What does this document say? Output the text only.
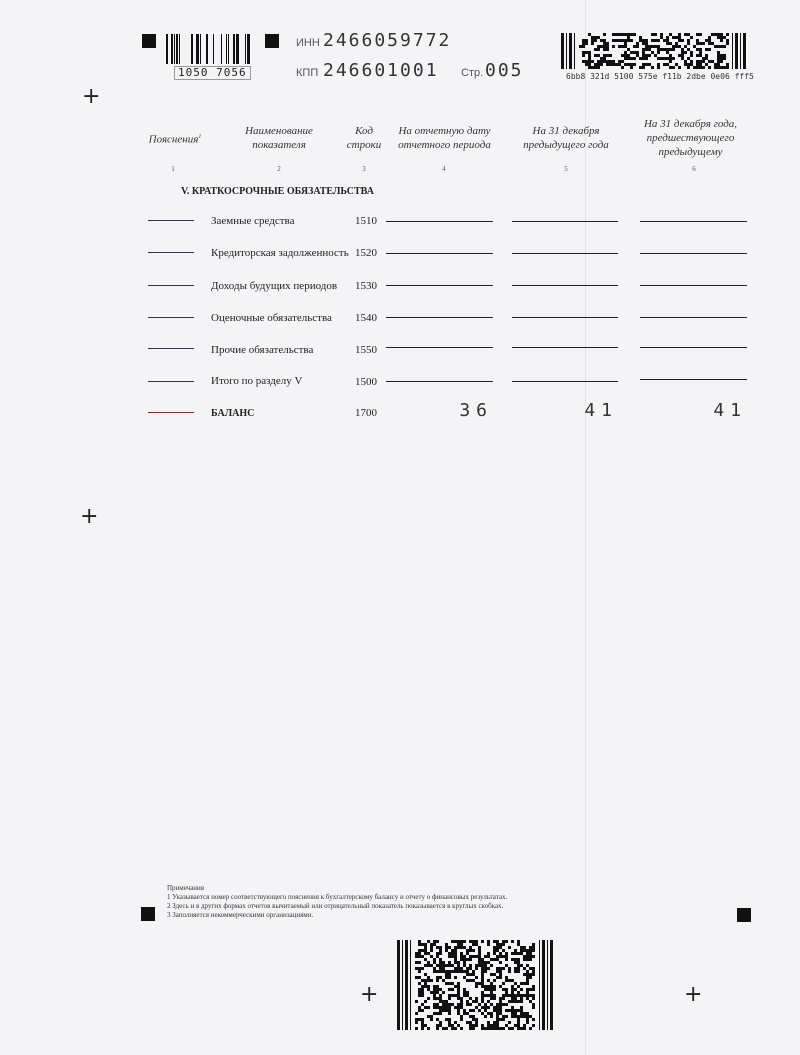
1050 7056
ИНН 2466059772
КПП 246601001 Стр. 005	6bb8 321d 5100 575e f11b 2dbe 0e06 fff5
+
+
+	+
Пояснения$^1$	Наименование показателя
Код строки
На отчетную дату отчетного периода
На 31 декабря предыдущего года
На 31 декабря года, предшествующего предыдущему
1	2	3	4	5	6
V. КРАТКОСРОЧНЫЕ ОБЯЗАТЕЛЬСТВА
Заемные средства	1510
Кредиторская задолженность 1520
Доходы будущих периодов 1530
Оценочные обязательства 1540
Прочие обязательства	1550
Итого по разделу V	1500
БАЛАНС	1700	36	41	41
Примечания
1 Указывается номер соответствующего пояснения к бухгалтерскому балансу и отчету о финансовых результатах.
2 Здесь и в других формах отчетов вычитаемый или отрицательный показатель показывается в круглых скобках.
3 Заполняется некоммерческими организациями.
